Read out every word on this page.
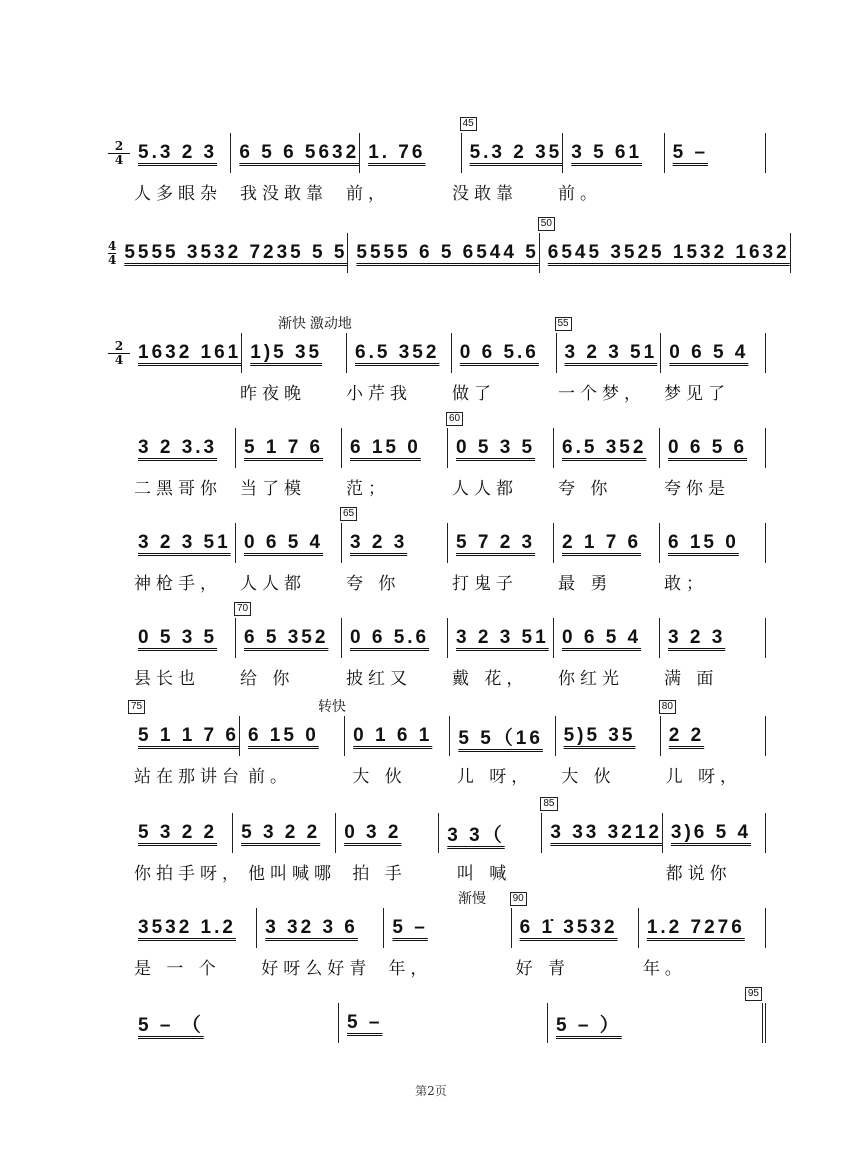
$\frac{2}{4} 5.3$ 2 3 6 5 6 5632 1. 76
45
5.3 2 35 3 5 61 5 –
人多眼杂	我没敢靠	前，	没敢靠	前。
$\frac{4}{4} 5555$ 3532 7235 5 5 5555 6 5 6544 5
50
6545 3525 1532 1632
$\frac{2}{4}$
渐快 激动地
1632 161 1)5 35 6.5 352 0 6 5.6
55
3 2 3 51 0 6 5 4
昨夜晚	小芹我	做了	一个梦，	梦见了
3 2 3.3 5 1 7 6 6 15 0
60
0 5 3 5 6.5 352 0 6 5 6
二黑哥你	当了模	范；	人人都	夸 你	夸你是
3 2 3 51 0 6 5 4
65
3 2 3	5 7 2 3 2 1 7 6 6 15 0
神枪手，	人人都	夸 你	打鬼子	最 勇	敢；
0 5 3 5
70
6 5 352 0 6 5.6 3 2 3 51 0 6 5 4 3 2 3
县长也	给 你	披红又	戴 花，	你红光	满 面
转快
75
5 1 1 7 6 6 15 0 0 1 6 1 5 5（16 5)5 35
80
2 2
站在那讲台 前。	大 伙	儿 呀，	大 伙	儿 呀，
5 3 2 2 5 3 2 2 0 3 2 3 3（
85
3 33 3212 3)6 5 4
你拍手呀， 他叫喊哪 拍 手	叫 喊	都说你
渐慢
3532 1.2 3 32 3 6 5 –
90
6 1̇ 3532 1.2 7276
是 一 个	好呀么好青	年，	好 青	年。
5 – （	5 –	5 – ）
95
第2页
